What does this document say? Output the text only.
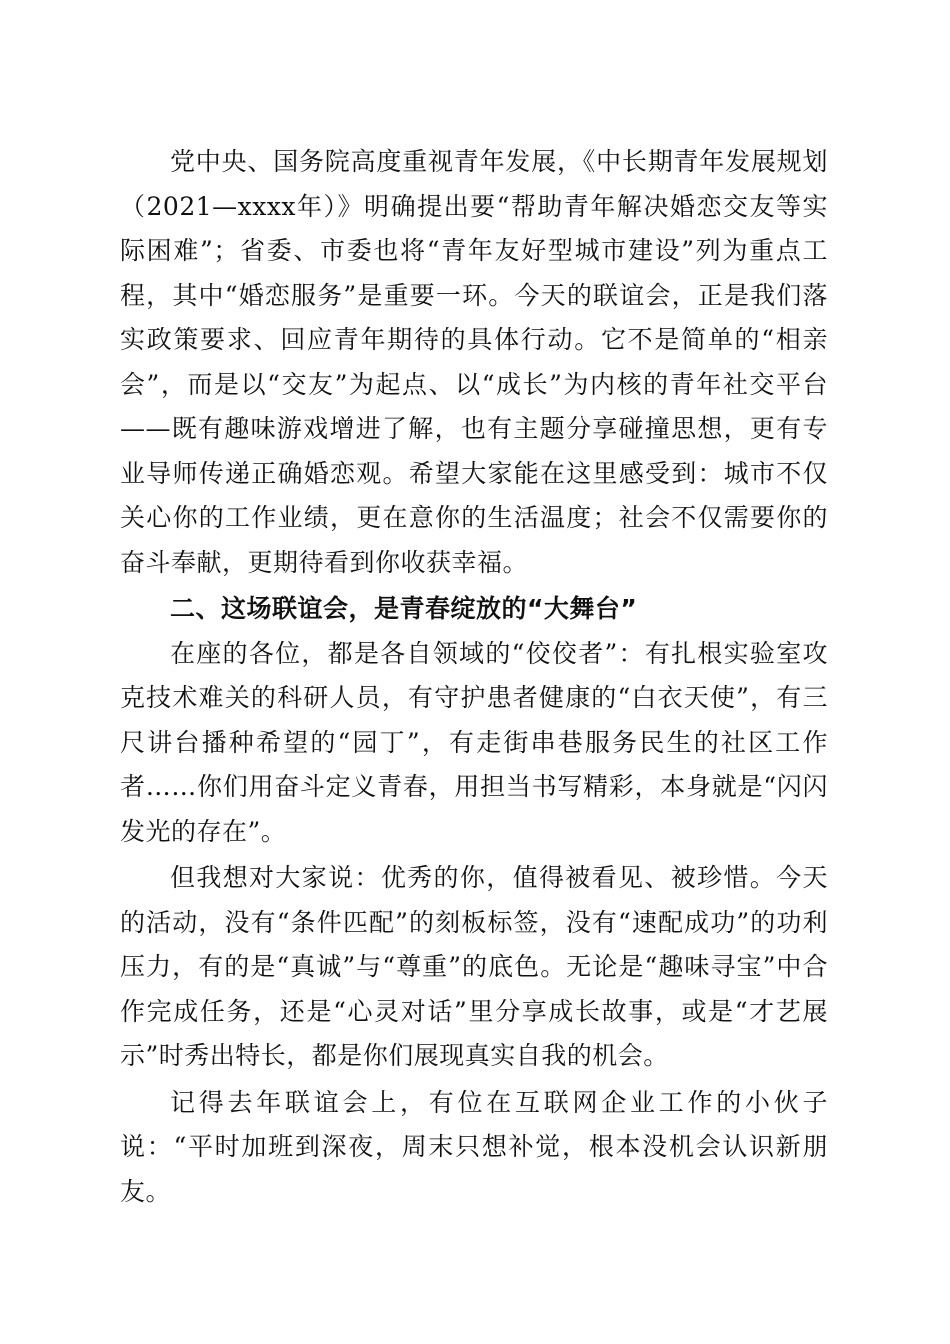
党中央、国务院高度重视青年发展，《中长期青年发展规划（2021—xxxx年）》明确提出要“帮助青年解决婚恋交友等实际困难”；省委、市委也将“青年友好型城市建设”列为重点工程，其中“婚恋服务”是重要一环。今天的联谊会，正是我们落实政策要求、回应青年期待的具体行动。它不是简单的“相亲会”，而是以“交友”为起点、以“成长”为内核的青年社交平台——既有趣味游戏增进了解，也有主题分享碰撞思想，更有专业导师传递正确婚恋观。希望大家能在这里感受到：城市不仅关心你的工作业绩，更在意你的生活温度；社会不仅需要你的奋斗奉献，更期待看到你收获幸福。

二、这场联谊会，是青春绽放的“大舞台”

在座的各位，都是各自领域的“佼佼者”：有扎根实验室攻克技术难关的科研人员，有守护患者健康的“白衣天使”，有三尺讲台播种希望的“园丁”，有走街串巷服务民生的社区工作者……你们用奋斗定义青春，用担当书写精彩，本身就是“闪闪发光的存在”。

但我想对大家说：优秀的你，值得被看见、被珍惜。今天的活动，没有“条件匹配”的刻板标签，没有“速配成功”的功利压力，有的是“真诚”与“尊重”的底色。无论是“趣味寻宝”中合作完成任务，还是“心灵对话”里分享成长故事，或是“才艺展示”时秀出特长，都是你们展现真实自我的机会。

记得去年联谊会上，有位在互联网企业工作的小伙子说：“平时加班到深夜，周末只想补觉，根本没机会认识新朋友。
